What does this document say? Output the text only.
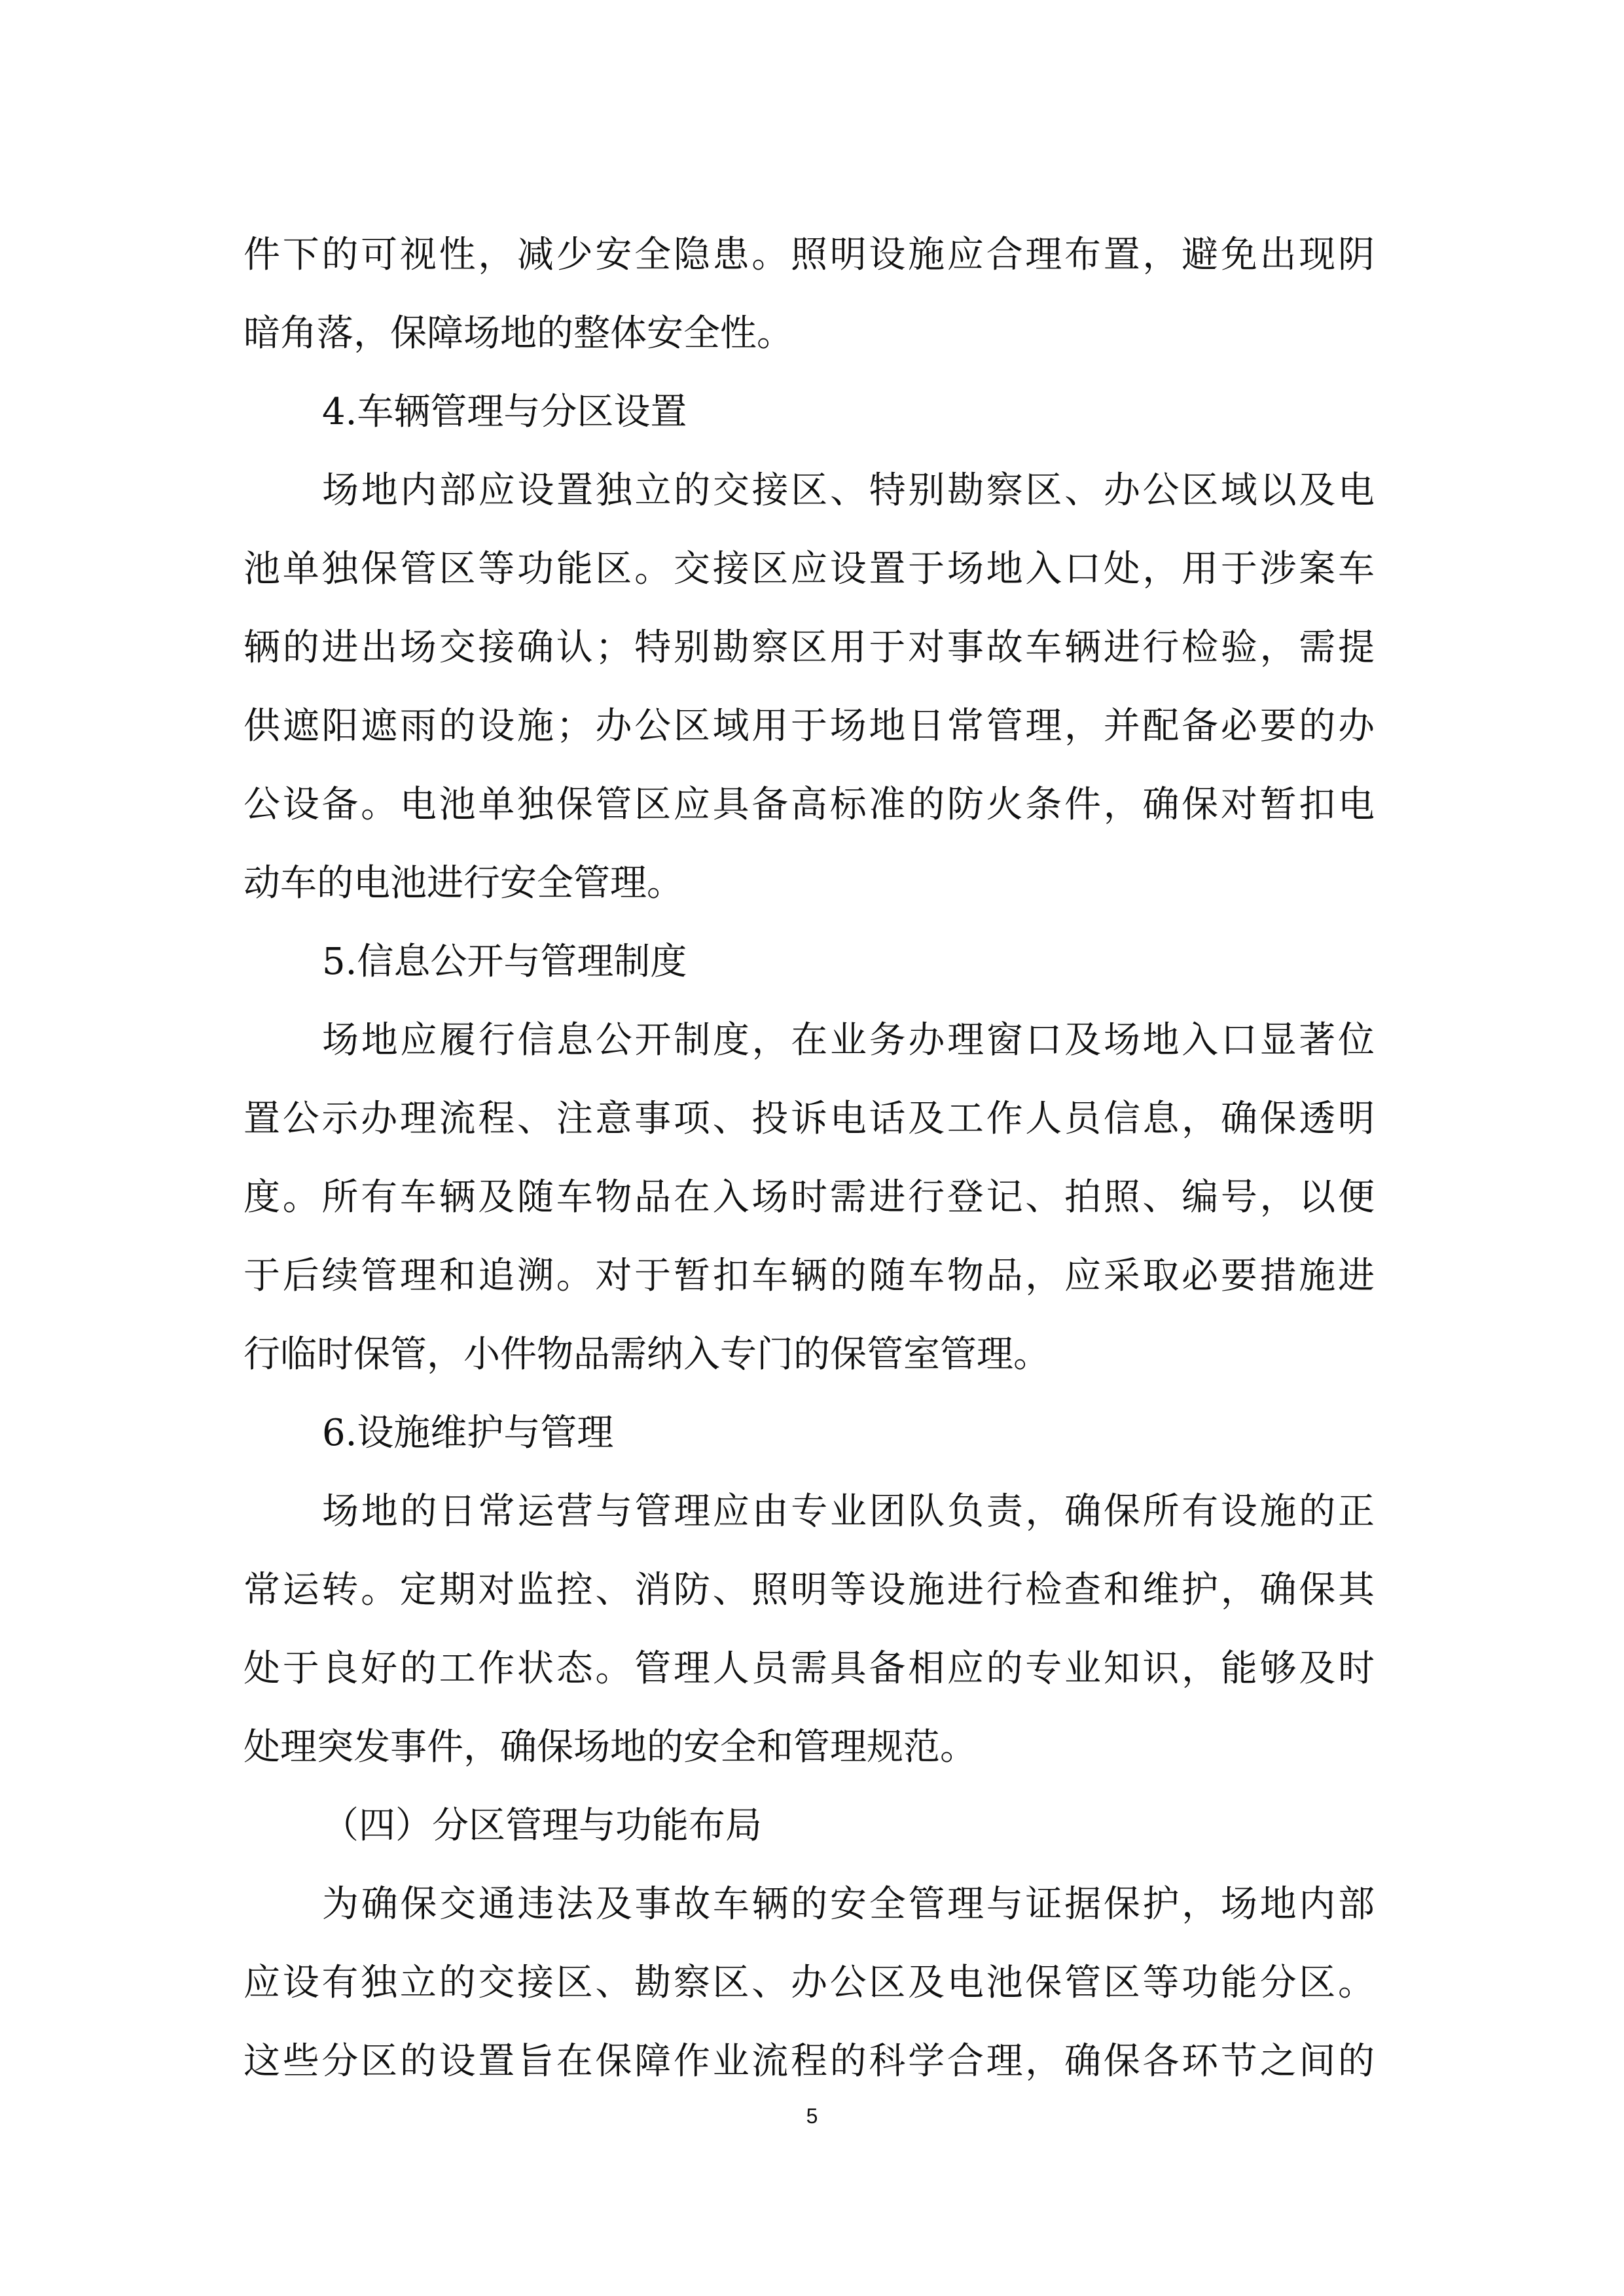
件下的可视性，减少安全隐患。照明设施应合理布置，避免出现阴
暗角落，保障场地的整体安全性。
4.车辆管理与分区设置
场地内部应设置独立的交接区、特别勘察区、办公区域以及电
池单独保管区等功能区。交接区应设置于场地入口处，用于涉案车
辆的进出场交接确认；特别勘察区用于对事故车辆进行检验，需提
供遮阳遮雨的设施；办公区域用于场地日常管理，并配备必要的办
公设备。电池单独保管区应具备高标准的防火条件，确保对暂扣电
动车的电池进行安全管理。
5.信息公开与管理制度
场地应履行信息公开制度，在业务办理窗口及场地入口显著位
置公示办理流程、注意事项、投诉电话及工作人员信息，确保透明
度。所有车辆及随车物品在入场时需进行登记、拍照、编号，以便
于后续管理和追溯。对于暂扣车辆的随车物品，应采取必要措施进
行临时保管，小件物品需纳入专门的保管室管理。
6.设施维护与管理
场地的日常运营与管理应由专业团队负责，确保所有设施的正
常运转。定期对监控、消防、照明等设施进行检查和维护，确保其
处于良好的工作状态。管理人员需具备相应的专业知识，能够及时
处理突发事件，确保场地的安全和管理规范。
（四）分区管理与功能布局
为确保交通违法及事故车辆的安全管理与证据保护，场地内部
应设有独立的交接区、勘察区、办公区及电池保管区等功能分区。
这些分区的设置旨在保障作业流程的科学合理，确保各环节之间的
5
